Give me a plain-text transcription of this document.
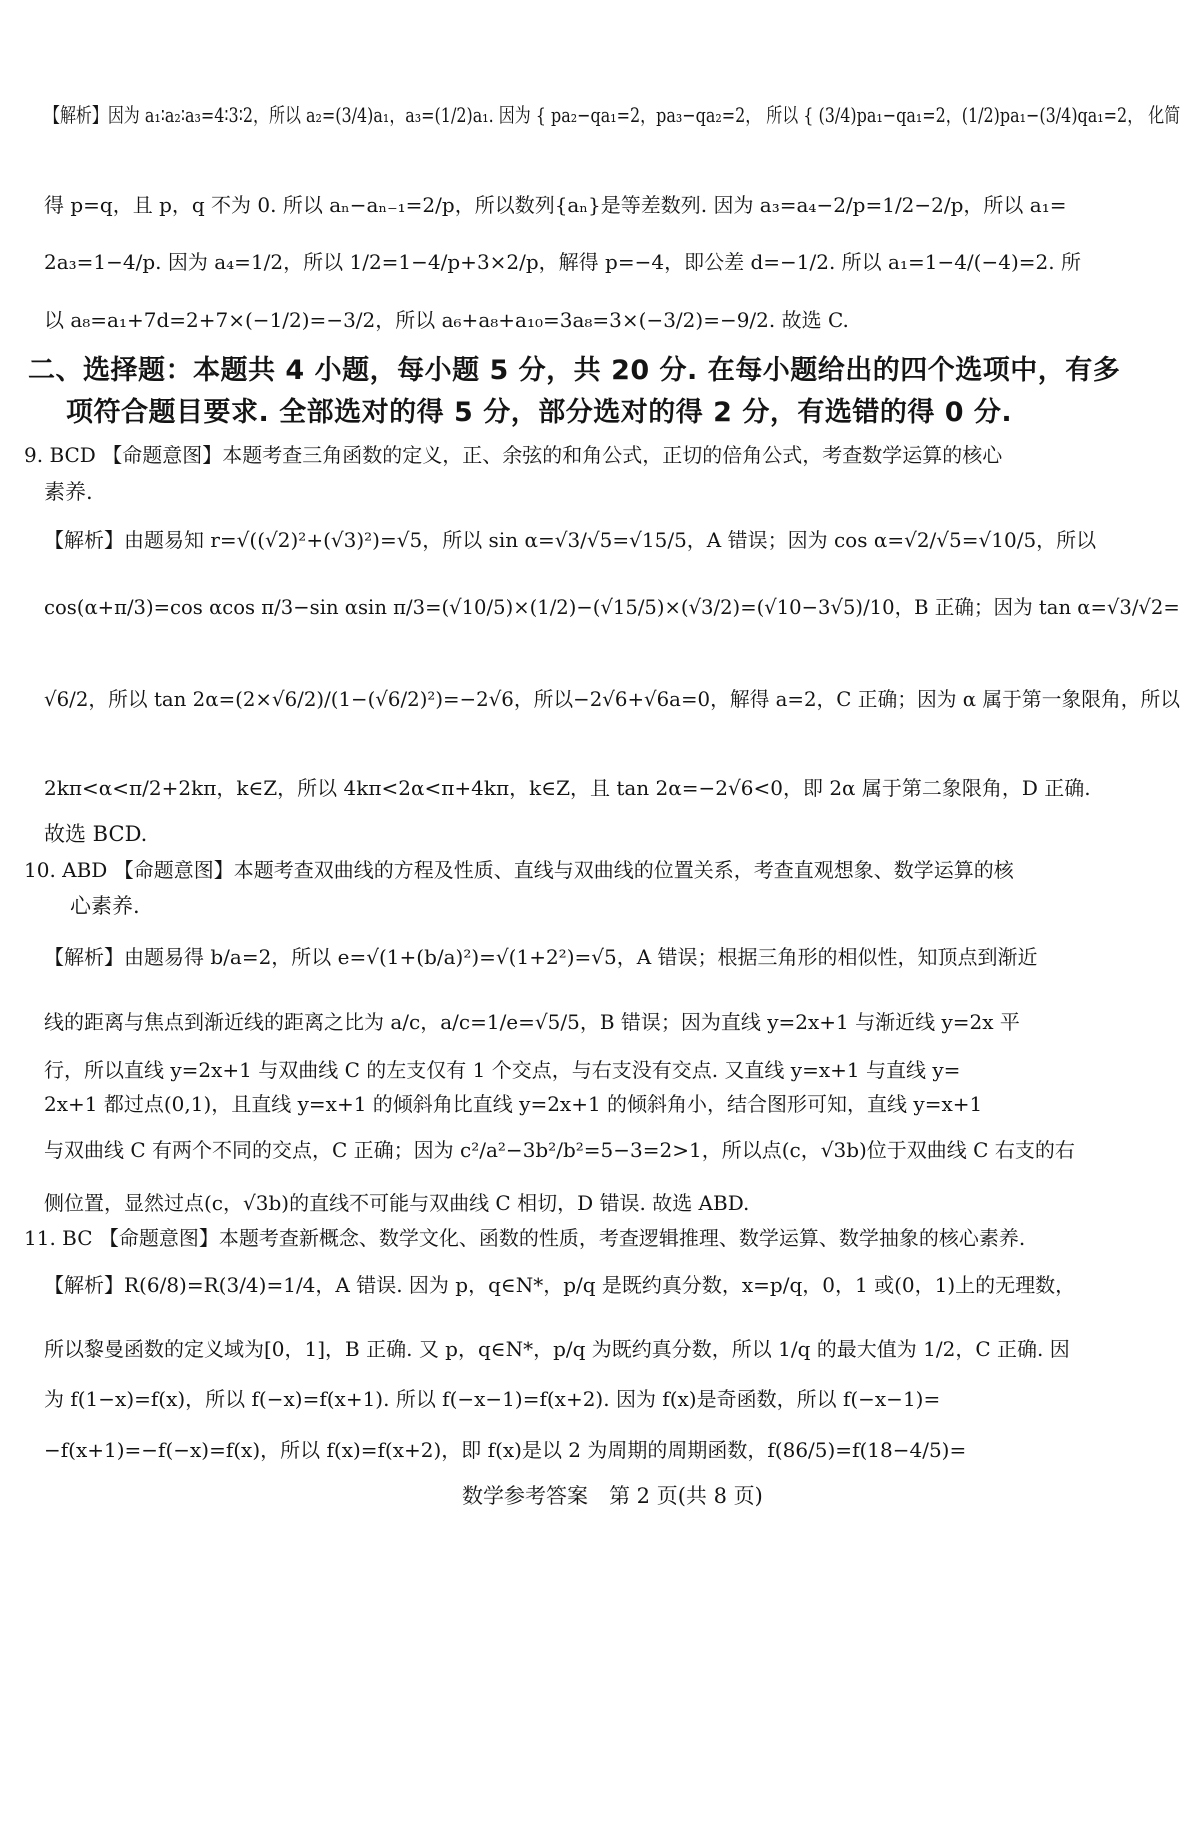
【解析】因为 a₁∶a₂∶a₃=4∶3∶2，所以 a₂=(3/4)a₁，a₃=(1/2)a₁. 因为 { pa₂−qa₁=2，pa₃−qa₂=2， 所以 { (3/4)pa₁−qa₁=2，(1/2)pa₁−(3/4)qa₁=2， 化简
得 p=q，且 p，q 不为 0. 所以 aₙ−aₙ₋₁=2/p，所以数列{aₙ}是等差数列. 因为 a₃=a₄−2/p=1/2−2/p，所以 a₁=
2a₃=1−4/p. 因为 a₄=1/2，所以 1/2=1−4/p+3×2/p，解得 p=−4，即公差 d=−1/2. 所以 a₁=1−4/(−4)=2. 所
以 a₈=a₁+7d=2+7×(−1/2)=−3/2，所以 a₆+a₈+a₁₀=3a₈=3×(−3/2)=−9/2. 故选 C.
二、选择题：本题共 4 小题，每小题 5 分，共 20 分. 在每小题给出的四个选项中，有多
项符合题目要求. 全部选对的得 5 分，部分选对的得 2 分，有选错的得 0 分.
9. BCD 【命题意图】本题考查三角函数的定义，正、余弦的和角公式，正切的倍角公式，考查数学运算的核心
素养.
【解析】由题易知 r=√((√2)²+(√3)²)=√5，所以 sin α=√3/√5=√15/5，A 错误；因为 cos α=√2/√5=√10/5，所以
cos(α+π/3)=cos αcos π/3−sin αsin π/3=(√10/5)×(1/2)−(√15/5)×(√3/2)=(√10−3√5)/10，B 正确；因为 tan α=√3/√2=
√6/2，所以 tan 2α=(2×√6/2)/(1−(√6/2)²)=−2√6，所以−2√6+√6a=0，解得 a=2，C 正确；因为 α 属于第一象限角，所以
2kπ<α<π/2+2kπ，k∈Z，所以 4kπ<2α<π+4kπ，k∈Z，且 tan 2α=−2√6<0，即 2α 属于第二象限角，D 正确.
故选 BCD.
10. ABD 【命题意图】本题考查双曲线的方程及性质、直线与双曲线的位置关系，考查直观想象、数学运算的核
心素养.
【解析】由题易得 b/a=2，所以 e=√(1+(b/a)²)=√(1+2²)=√5，A 错误；根据三角形的相似性，知顶点到渐近
线的距离与焦点到渐近线的距离之比为 a/c，a/c=1/e=√5/5，B 错误；因为直线 y=2x+1 与渐近线 y=2x 平
行，所以直线 y=2x+1 与双曲线 C 的左支仅有 1 个交点，与右支没有交点. 又直线 y=x+1 与直线 y=
2x+1 都过点(0,1)，且直线 y=x+1 的倾斜角比直线 y=2x+1 的倾斜角小，结合图形可知，直线 y=x+1
与双曲线 C 有两个不同的交点，C 正确；因为 c²/a²−3b²/b²=5−3=2>1，所以点(c，√3b)位于双曲线 C 右支的右
侧位置，显然过点(c，√3b)的直线不可能与双曲线 C 相切，D 错误. 故选 ABD.
11. BC 【命题意图】本题考查新概念、数学文化、函数的性质，考查逻辑推理、数学运算、数学抽象的核心素养.
【解析】R(6/8)=R(3/4)=1/4，A 错误. 因为 p，q∈N*，p/q 是既约真分数，x=p/q，0，1 或(0，1)上的无理数，
所以黎曼函数的定义域为[0，1]，B 正确. 又 p，q∈N*，p/q 为既约真分数，所以 1/q 的最大值为 1/2，C 正确. 因
为 f(1−x)=f(x)，所以 f(−x)=f(x+1). 所以 f(−x−1)=f(x+2). 因为 f(x)是奇函数，所以 f(−x−1)=
−f(x+1)=−f(−x)=f(x)，所以 f(x)=f(x+2)，即 f(x)是以 2 为周期的周期函数，f(86/5)=f(18−4/5)=
数学参考答案　第 2 页(共 8 页)
